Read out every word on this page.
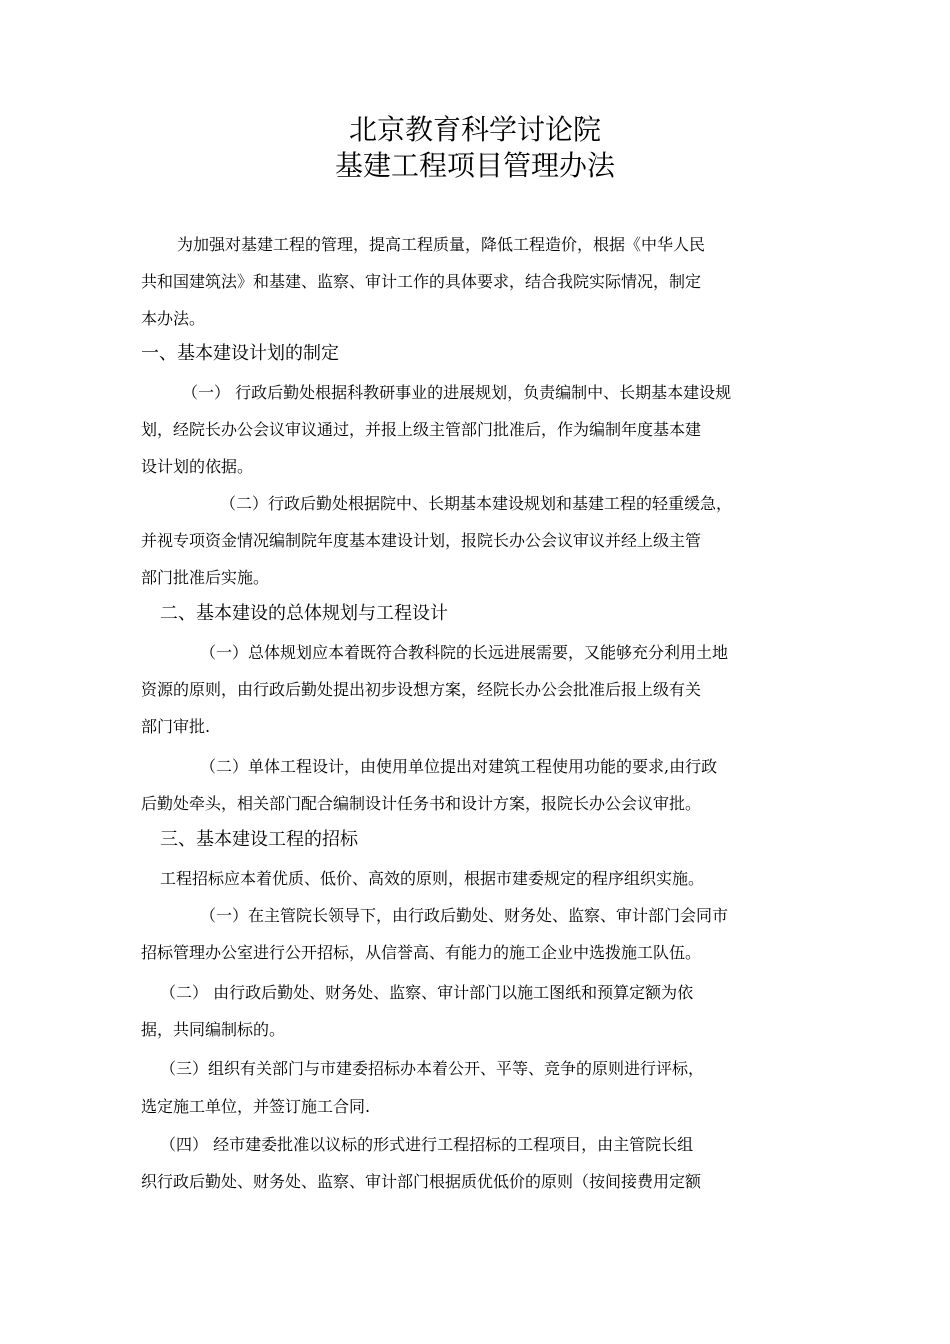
北京教育科学讨论院
基建工程项目管理办法
为加强对基建工程的管理，提高工程质量，降低工程造价，根据《中华人民
共和国建筑法》和基建、监察、审计工作的具体要求，结合我院实际情况，制定
本办法。
一、基本建设计划的制定
（一） 行政后勤处根据科教研事业的进展规划，负责编制中、长期基本建设规
划，经院长办公会议审议通过，并报上级主管部门批准后，作为编制年度基本建
设计划的依据。
（二）行政后勤处根据院中、长期基本建设规划和基建工程的轻重缓急，
并视专项资金情况编制院年度基本建设计划，报院长办公会议审议并经上级主管
部门批准后实施。
二、基本建设的总体规划与工程设计
（一）总体规划应本着既符合教科院的长远进展需要，又能够充分利用土地
资源的原则，由行政后勤处提出初步设想方案，经院长办公会批准后报上级有关
部门审批.
（二）单体工程设计，由使用单位提出对建筑工程使用功能的要求,由行政
后勤处牵头，相关部门配合编制设计任务书和设计方案，报院长办公会议审批。
三、基本建设工程的招标
工程招标应本着优质、低价、高效的原则，根据市建委规定的程序组织实施。
（一）在主管院长领导下，由行政后勤处、财务处、监察、审计部门会同市
招标管理办公室进行公开招标，从信誉高、有能力的施工企业中选拨施工队伍。
（二） 由行政后勤处、财务处、监察、审计部门以施工图纸和预算定额为依
据，共同编制标的。
（三）组织有关部门与市建委招标办本着公开、平等、竞争的原则进行评标，
选定施工单位，并签订施工合同.
（四） 经市建委批准以议标的形式进行工程招标的工程项目，由主管院长组
织行政后勤处、财务处、监察、审计部门根据质优低价的原则（按间接费用定额
